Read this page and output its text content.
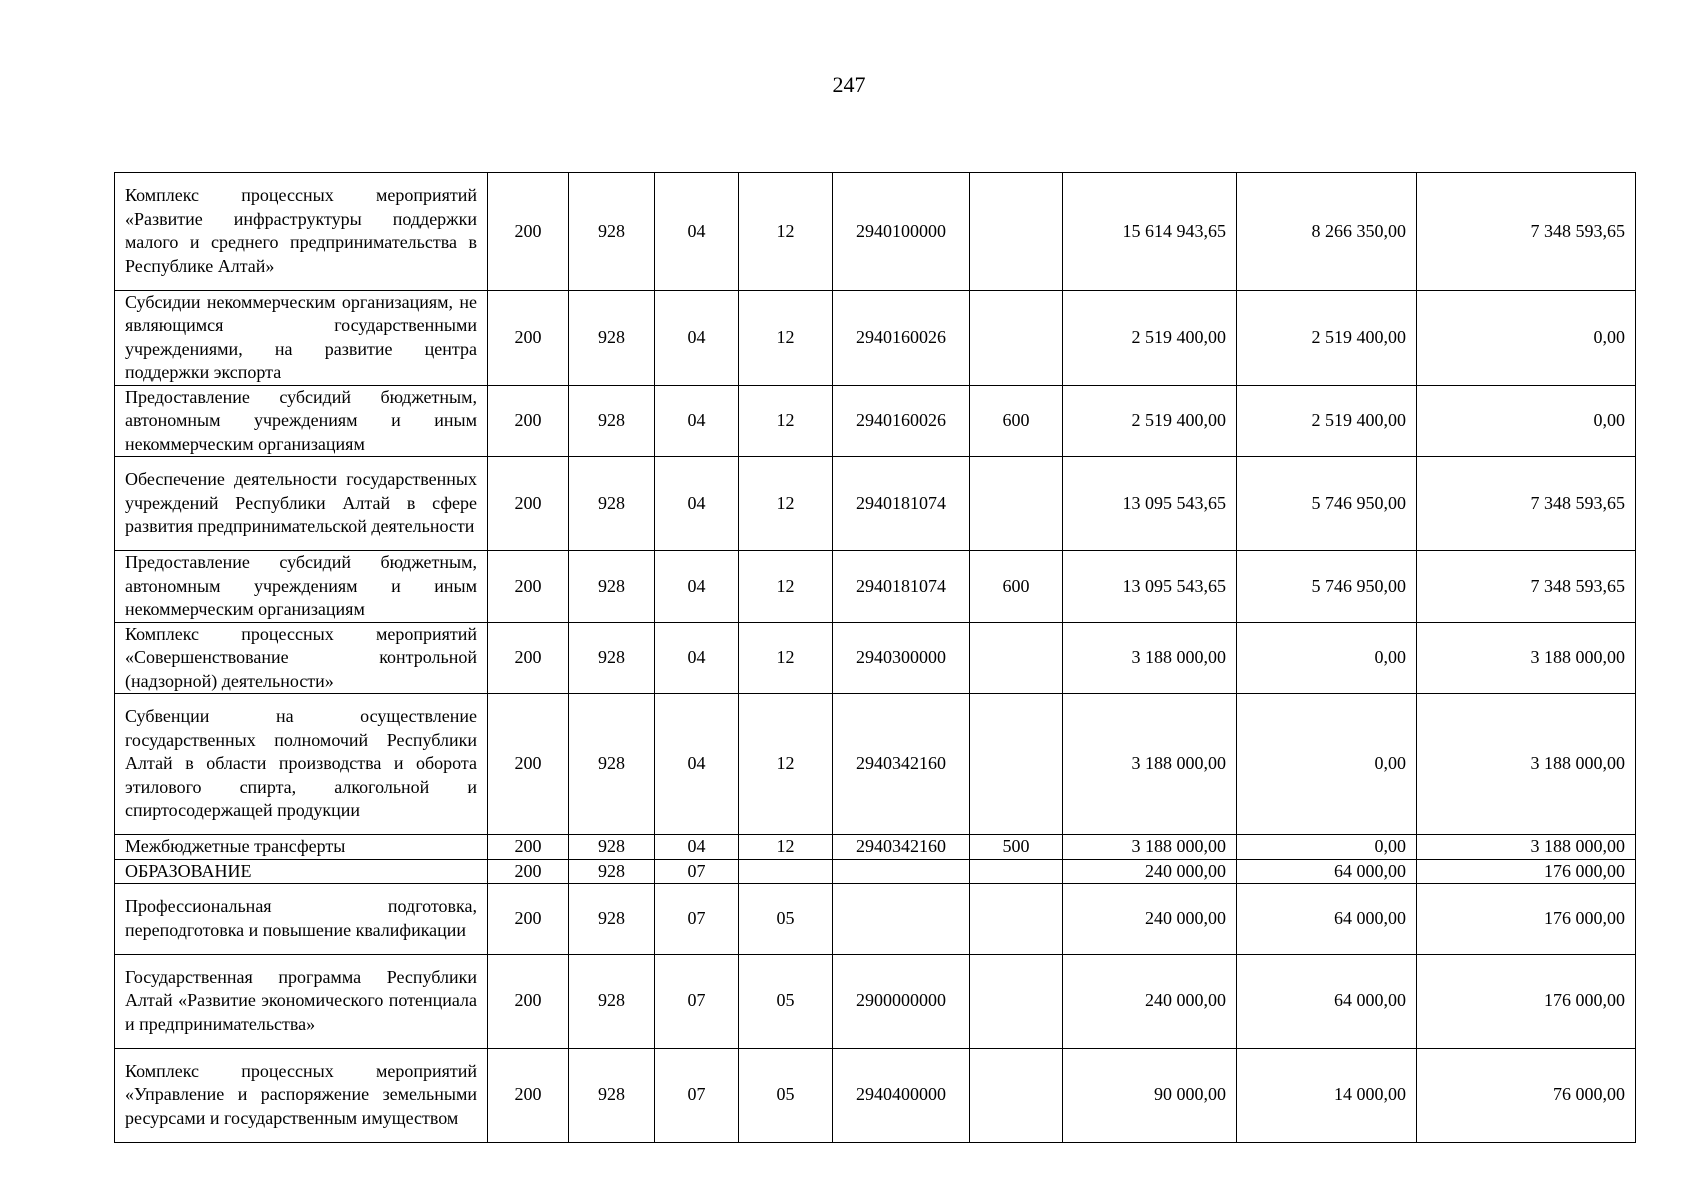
247
Комплекс процессных мероприятий «Развитие инфраструктуры поддержки малого и среднего предпринимательства в Республике Алтай»	200	928	04	12	2940100000		15 614 943,65	8 266 350,00	7 348 593,65

Субсидии некоммерческим организациям, не являющимся государственными учреждениями, на развитие центра поддержки экспорта	200	928	04	12	2940160026		2 519 400,00	2 519 400,00	0,00

Предоставление субсидий бюджетным, автономным учреждениям и иным некоммерческим организациям	200	928	04	12	2940160026	600	2 519 400,00	2 519 400,00	0,00

Обеспечение деятельности государственных учреждений Республики Алтай в сфере развития предпринимательской деятельности	200	928	04	12	2940181074		13 095 543,65	5 746 950,00	7 348 593,65

Предоставление субсидий бюджетным, автономным учреждениям и иным некоммерческим организациям	200	928	04	12	2940181074	600	13 095 543,65	5 746 950,00	7 348 593,65

Комплекс процессных мероприятий «Совершенствование контрольной (надзорной) деятельности»	200	928	04	12	2940300000		3 188 000,00	0,00	3 188 000,00

Субвенции на осуществление государственных полномочий Республики Алтай в области производства и оборота этилового спирта, алкогольной и спиртосодержащей продукции	200	928	04	12	2940342160		3 188 000,00	0,00	3 188 000,00

Межбюджетные трансферты	200	928	04	12	2940342160	500	3 188 000,00	0,00	3 188 000,00

ОБРАЗОВАНИЕ	200	928	07				240 000,00	64 000,00	176 000,00

Профессиональная подготовка, переподготовка и повышение квалификации	200	928	07	05			240 000,00	64 000,00	176 000,00

Государственная программа Республики Алтай «Развитие экономического потенциала и предпринимательства»	200	928	07	05	2900000000		240 000,00	64 000,00	176 000,00

Комплекс процессных мероприятий «Управление и распоряжение земельными ресурсами и государственным имуществом	200	928	07	05	2940400000		90 000,00	14 000,00	76 000,00
